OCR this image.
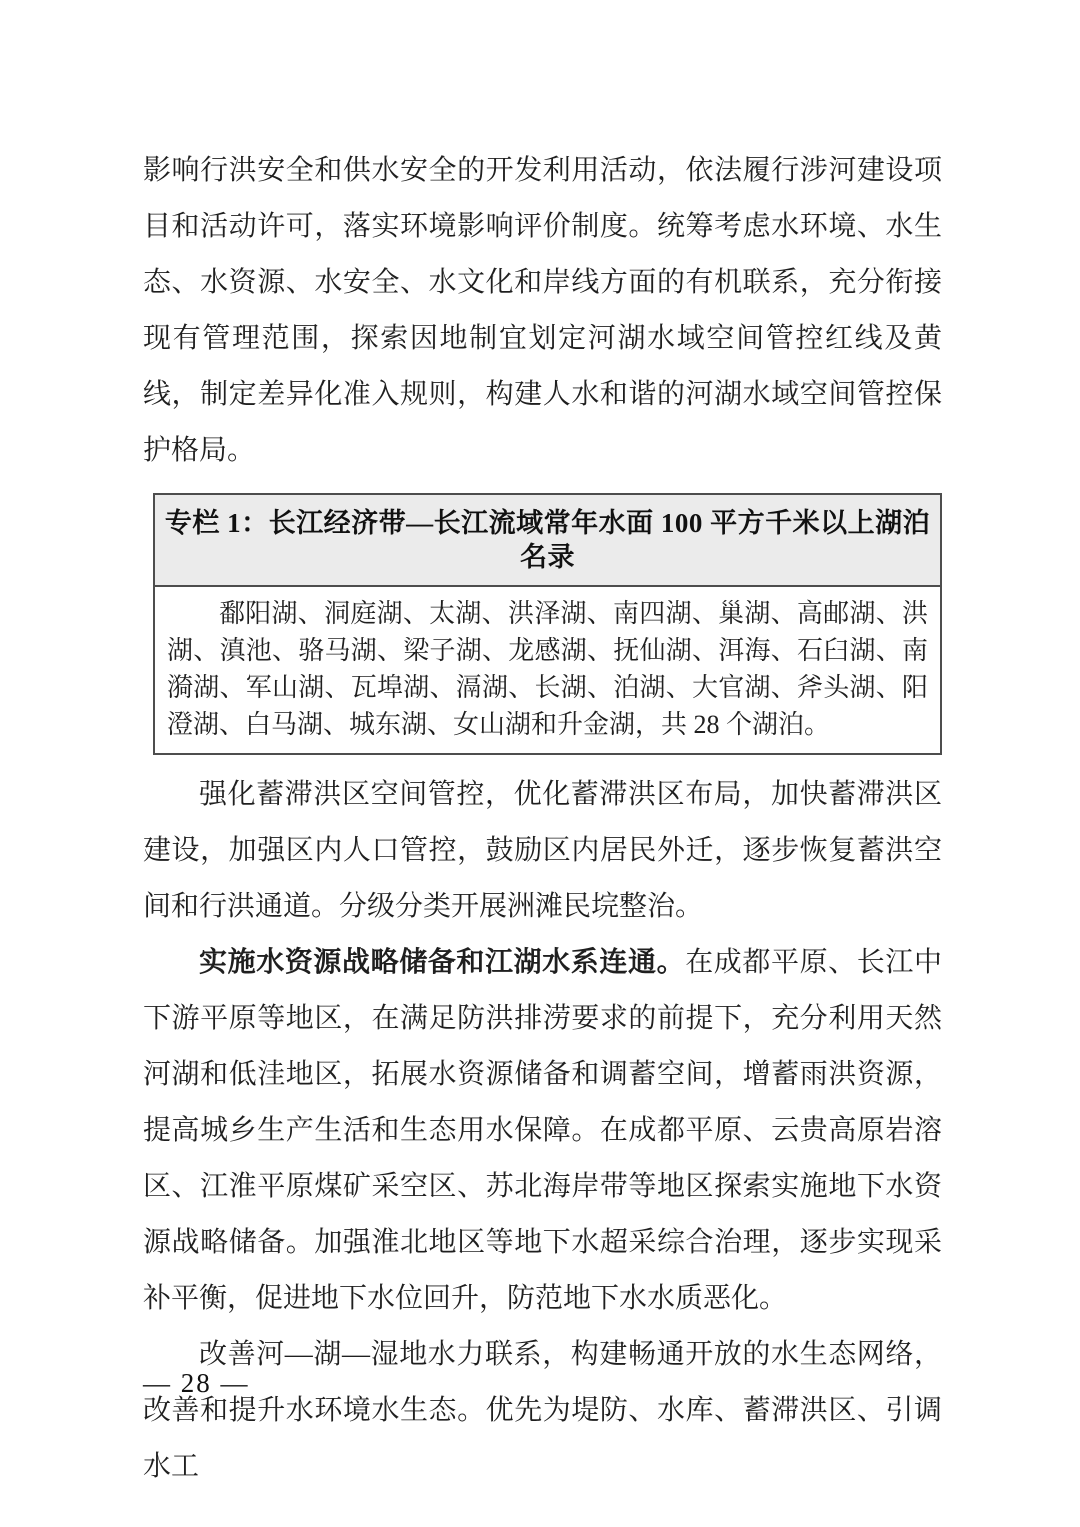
影响行洪安全和供水安全的开发利用活动，依法履行涉河建设项目和活动许可，落实环境影响评价制度。统筹考虑水环境、水生态、水资源、水安全、水文化和岸线方面的有机联系，充分衔接现有管理范围，探索因地制宜划定河湖水域空间管控红线及黄线，制定差异化准入规则，构建人水和谐的河湖水域空间管控保护格局。

专栏 1：长江经济带—长江流域常年水面 100 平方千米以上湖泊名录

鄱阳湖、洞庭湖、太湖、洪泽湖、南四湖、巢湖、高邮湖、洪湖、滇池、骆马湖、梁子湖、龙感湖、抚仙湖、洱海、石臼湖、南漪湖、军山湖、瓦埠湖、滆湖、长湖、泊湖、大官湖、斧头湖、阳澄湖、白马湖、城东湖、女山湖和升金湖，共 28 个湖泊。

强化蓄滞洪区空间管控，优化蓄滞洪区布局，加快蓄滞洪区建设，加强区内人口管控，鼓励区内居民外迁，逐步恢复蓄洪空间和行洪通道。分级分类开展洲滩民垸整治。

实施水资源战略储备和江湖水系连通。在成都平原、长江中下游平原等地区，在满足防洪排涝要求的前提下，充分利用天然河湖和低洼地区，拓展水资源储备和调蓄空间，增蓄雨洪资源，提高城乡生产生活和生态用水保障。在成都平原、云贵高原岩溶区、江淮平原煤矿采空区、苏北海岸带等地区探索实施地下水资源战略储备。加强淮北地区等地下水超采综合治理，逐步实现采补平衡，促进地下水位回升，防范地下水水质恶化。

改善河—湖—湿地水力联系，构建畅通开放的水生态网络，改善和提升水环境水生态。优先为堤防、水库、蓄滞洪区、引调水工

— 28 —
